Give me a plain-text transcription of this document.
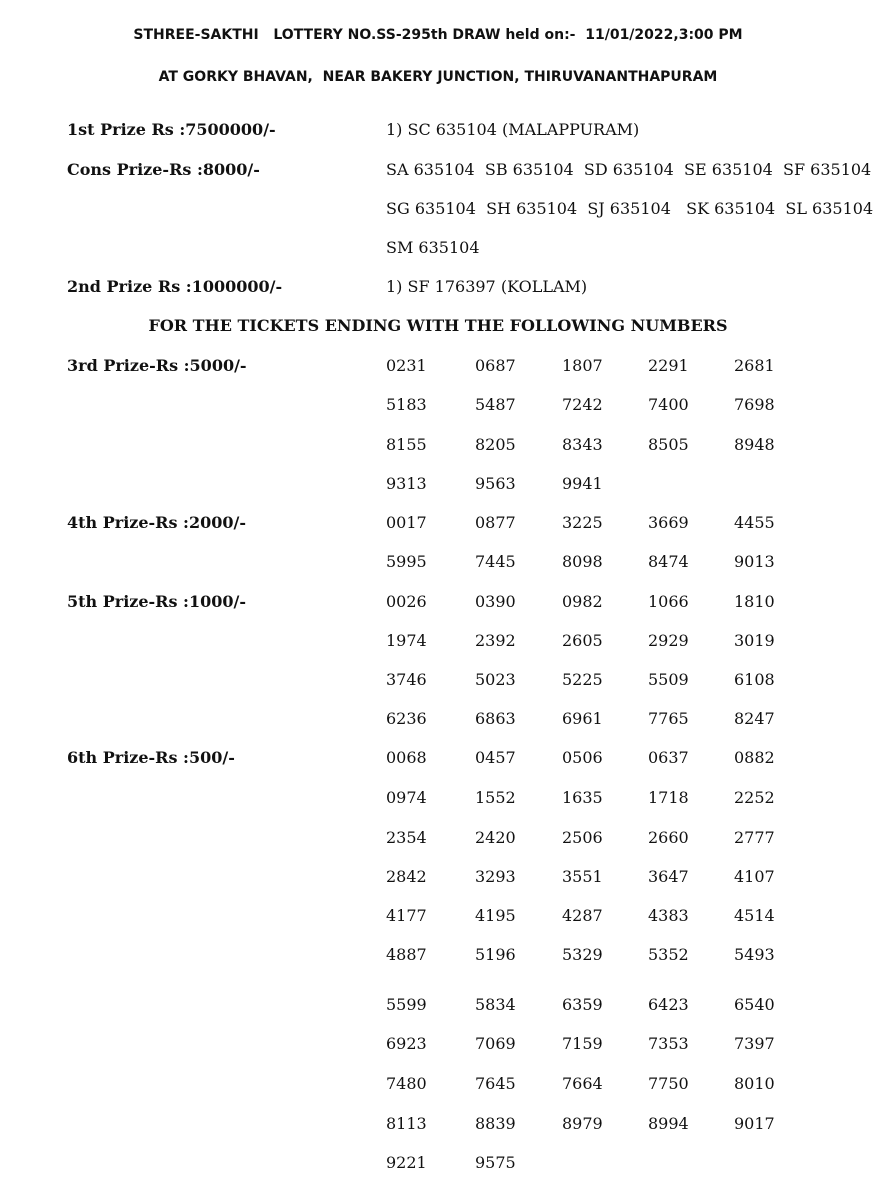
STHREE-SAKTHI   LOTTERY NO.SS-295th DRAW held on:-  11/01/2022,3:00 PM
AT GORKY BHAVAN,  NEAR BAKERY JUNCTION, THIRUVANANTHAPURAM
1st Prize Rs :7500000/-	1) SC 635104 (MALAPPURAM)
Cons Prize-Rs :8000/-	SA 635104  SB 635104  SD 635104  SE 635104  SF 635104
SG 635104  SH 635104  SJ 635104   SK 635104  SL 635104
SM 635104
2nd Prize Rs :1000000/-	1) SF 176397 (KOLLAM)
FOR THE TICKETS ENDING WITH THE FOLLOWING NUMBERS
3rd Prize-Rs :5000/-	0231	0687	1807	2291	2681
5183	5487	7242	7400	7698
8155	8205	8343	8505	8948
9313	9563	9941
4th Prize-Rs :2000/-	0017	0877	3225	3669	4455
5995	7445	8098	8474	9013
5th Prize-Rs :1000/-	0026	0390	0982	1066	1810
1974	2392	2605	2929	3019
3746	5023	5225	5509	6108
6236	6863	6961	7765	8247
6th Prize-Rs :500/-	0068	0457	0506	0637	0882
0974	1552	1635	1718	2252
2354	2420	2506	2660	2777
2842	3293	3551	3647	4107
4177	4195	4287	4383	4514
4887	5196	5329	5352	5493
5599	5834	6359	6423	6540
6923	7069	7159	7353	7397
7480	7645	7664	7750	8010
8113	8839	8979	8994	9017
9221	9575
